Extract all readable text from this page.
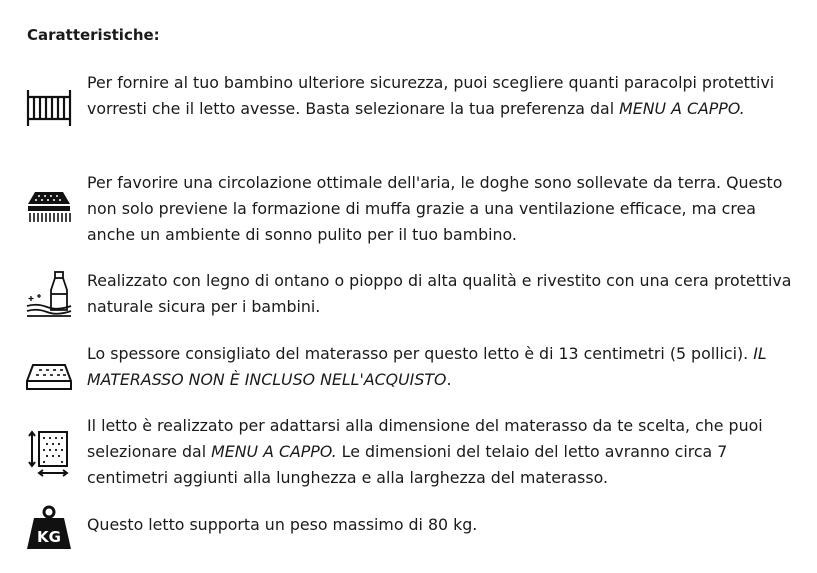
Caratteristiche:
Per fornire al tuo bambino ulteriore sicurezza, puoi scegliere quanti paracolpi protettivi vorresti che il letto avesse. Basta selezionare la tua preferenza dal MENU A CAPPO.
Per favorire una circolazione ottimale dell'aria, le doghe sono sollevate da terra. Questo non solo previene la formazione di muffa grazie a una ventilazione efficace, ma crea anche un ambiente di sonno pulito per il tuo bambino.
Realizzato con legno di ontano o pioppo di alta qualità e rivestito con una cera protettiva naturale sicura per i bambini.
Lo spessore consigliato del materasso per questo letto è di 13 centimetri (5 pollici). IL MATERASSO NON È INCLUSO NELL'ACQUISTO.
Il letto è realizzato per adattarsi alla dimensione del materasso da te scelta, che puoi selezionare dal MENU A CAPPO. Le dimensioni del telaio del letto avranno circa 7 centimetri aggiunti alla lunghezza e alla larghezza del materasso.
KG
Questo letto supporta un peso massimo di 80 kg.
